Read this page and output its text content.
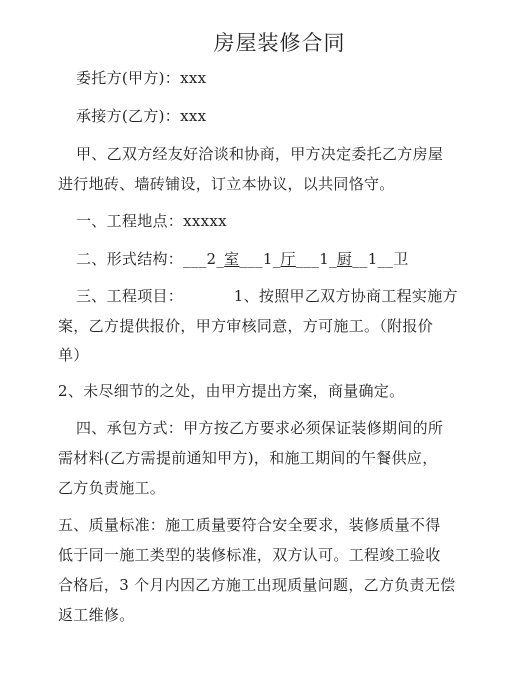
房屋装修合同
委托方(甲方)：xxx
承接方(乙方)：xxx
甲、乙双方经友好洽谈和协商，甲方决定委托乙方房屋
进行地砖、墙砖铺设，订立本协议，以共同恪守。
一、工程地点：xxxxx
二、形式结构：___2_室___1_厅___1_厨__1__卫
三、工程项目：          1、按照甲乙双方协商工程实施方
案，乙方提供报价，甲方审核同意，方可施工。（附报价
单）
2、未尽细节的之处，由甲方提出方案，商量确定。
四、承包方式：甲方按乙方要求必须保证装修期间的所
需材料(乙方需提前通知甲方)，和施工期间的午餐供应，
乙方负责施工。
五、质量标准：施工质量要符合安全要求，装修质量不得
低于同一施工类型的装修标准，双方认可。工程竣工验收
合格后，3 个月内因乙方施工出现质量问题，乙方负责无偿
返工维修。
